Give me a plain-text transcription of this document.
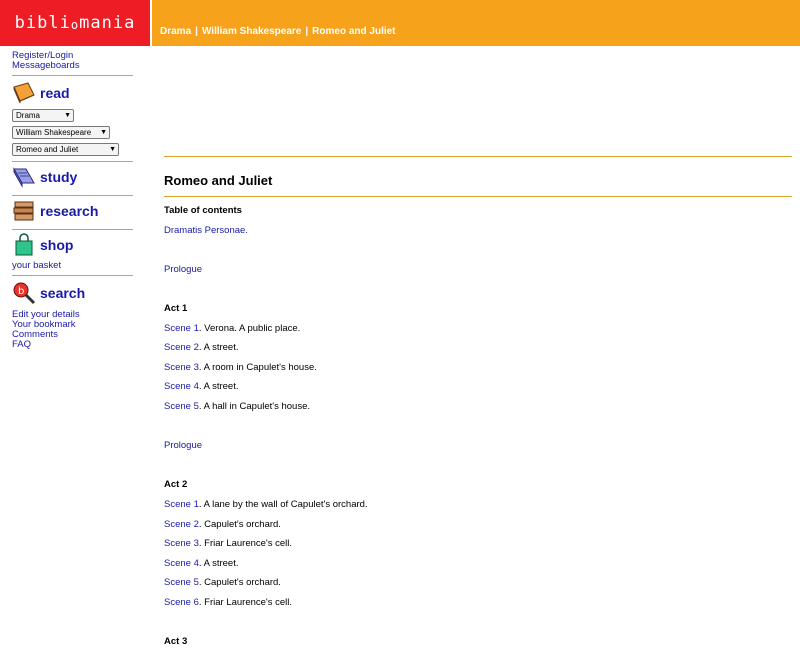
bibliomania Drama | William Shakespeare | Romeo and Juliet
Register/Login
Messageboards
read
Drama	▼
William Shakespeare ▼
Romeo and Juliet	▼
study
research
shop
your basket
b search
Edit your details
Your bookmark
Comments
FAQ
Romeo and Juliet
Table of contents
Dramatis Personae.
Prologue
Act 1
Scene 1. Verona. A public place.
Scene 2. A street.
Scene 3. A room in Capulet's house.
Scene 4. A street.
Scene 5. A hall in Capulet's house.
Prologue
Act 2
Scene 1. A lane by the wall of Capulet's orchard.
Scene 2. Capulet's orchard.
Scene 3. Friar Laurence's cell.
Scene 4. A street.
Scene 5. Capulet's orchard.
Scene 6. Friar Laurence's cell.
Act 3
